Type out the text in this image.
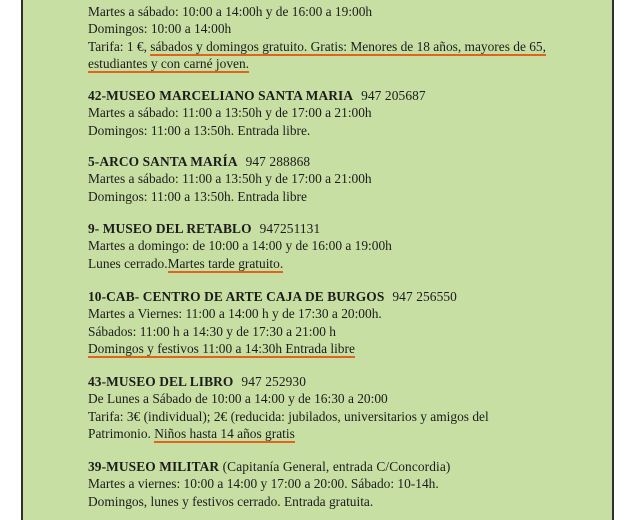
Martes a sábado: 10:00 a 14:00h y de 16:00 a 19:00h
Domingos: 10:00 a 14:00h
Tarifa: 1 €, sábados y domingos gratuito. Gratis: Menores de 18 años, mayores de 65,
estudiantes y con carné joven.
42-MUSEO MARCELIANO SANTA MARIA 947 205687
Martes a sábado: 11:00 a 13:50h y de 17:00 a 21:00h
Domingos: 11:00 a 13:50h. Entrada libre.
5-ARCO SANTA MARÍA 947 288868
Martes a sábado: 11:00 a 13:50h y de 17:00 a 21:00h
Domingos: 11:00 a 13:50h. Entrada libre
9- MUSEO DEL RETABLO 947251131
Martes a domingo: de 10:00 a 14:00 y de 16:00 a 19:00h
Lunes cerrado.Martes tarde gratuito.
10-CAB- CENTRO DE ARTE CAJA DE BURGOS 947 256550
Martes a Viernes: 11:00 a 14:00 h y de 17:30 a 20:00h.
Sábados: 11:00 h a 14:30 y de 17:30 a 21:00 h
Domingos y festivos 11:00 a 14:30h Entrada libre
43-MUSEO DEL LIBRO 947 252930
De Lunes a Sábado de 10:00 a 14:00 y de 16:30 a 20:00
Tarifa: 3€ (individual); 2€ (reducida: jubilados, universitarios y amigos del
Patrimonio. Niños hasta 14 años gratis
39-MUSEO MILITAR (Capitanía General, entrada C/Concordia)
Martes a viernes: 10:00 a 14:00 y 17:00 a 20:00. Sábado: 10-14h.
Domingos, lunes y festivos cerrado. Entrada gratuita.
